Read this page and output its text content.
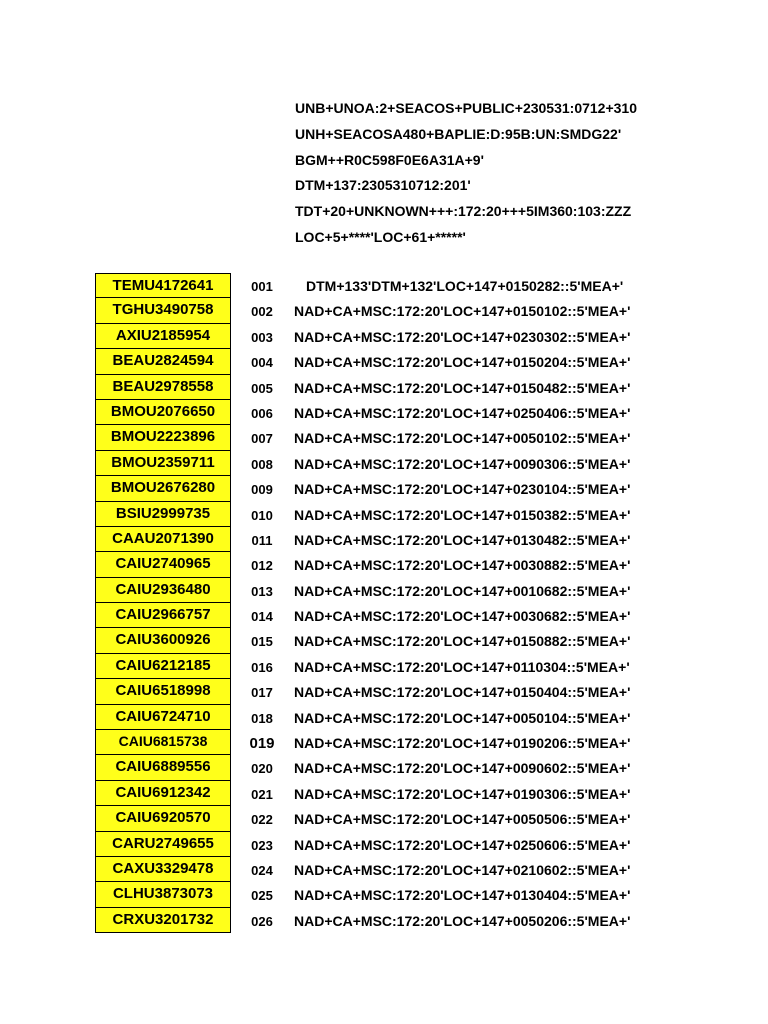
UNB+UNOA:2+SEACOS+PUBLIC+230531:0712+310
UNH+SEACOSA480+BAPLIE:D:95B:UN:SMDG22'
BGM++R0C598F0E6A31A+9'
DTM+137:2305310712:201'
TDT+20+UNKNOWN+++:172:20+++5IM360:103:ZZZ
LOC+5+****'LOC+61+*****'
TEMU4172641	001	DTM+133'DTM+132'LOC+147+0150282::5'MEA+'
TGHU3490758	002	NAD+CA+MSC:172:20'LOC+147+0150102::5'MEA+'
AXIU2185954	003	NAD+CA+MSC:172:20'LOC+147+0230302::5'MEA+'
BEAU2824594	004	NAD+CA+MSC:172:20'LOC+147+0150204::5'MEA+'
BEAU2978558	005	NAD+CA+MSC:172:20'LOC+147+0150482::5'MEA+'
BMOU2076650	006	NAD+CA+MSC:172:20'LOC+147+0250406::5'MEA+'
BMOU2223896	007	NAD+CA+MSC:172:20'LOC+147+0050102::5'MEA+'
BMOU2359711	008	NAD+CA+MSC:172:20'LOC+147+0090306::5'MEA+'
BMOU2676280	009	NAD+CA+MSC:172:20'LOC+147+0230104::5'MEA+'
BSIU2999735	010	NAD+CA+MSC:172:20'LOC+147+0150382::5'MEA+'
CAAU2071390	011	NAD+CA+MSC:172:20'LOC+147+0130482::5'MEA+'
CAIU2740965	012	NAD+CA+MSC:172:20'LOC+147+0030882::5'MEA+'
CAIU2936480	013	NAD+CA+MSC:172:20'LOC+147+0010682::5'MEA+'
CAIU2966757	014	NAD+CA+MSC:172:20'LOC+147+0030682::5'MEA+'
CAIU3600926	015	NAD+CA+MSC:172:20'LOC+147+0150882::5'MEA+'
CAIU6212185	016	NAD+CA+MSC:172:20'LOC+147+0110304::5'MEA+'
CAIU6518998	017	NAD+CA+MSC:172:20'LOC+147+0150404::5'MEA+'
CAIU6724710	018	NAD+CA+MSC:172:20'LOC+147+0050104::5'MEA+'
CAIU6815738	019	NAD+CA+MSC:172:20'LOC+147+0190206::5'MEA+'
CAIU6889556	020	NAD+CA+MSC:172:20'LOC+147+0090602::5'MEA+'
CAIU6912342	021	NAD+CA+MSC:172:20'LOC+147+0190306::5'MEA+'
CAIU6920570	022	NAD+CA+MSC:172:20'LOC+147+0050506::5'MEA+'
CARU2749655	023	NAD+CA+MSC:172:20'LOC+147+0250606::5'MEA+'
CAXU3329478	024	NAD+CA+MSC:172:20'LOC+147+0210602::5'MEA+'
CLHU3873073	025	NAD+CA+MSC:172:20'LOC+147+0130404::5'MEA+'
CRXU3201732	026	NAD+CA+MSC:172:20'LOC+147+0050206::5'MEA+'
